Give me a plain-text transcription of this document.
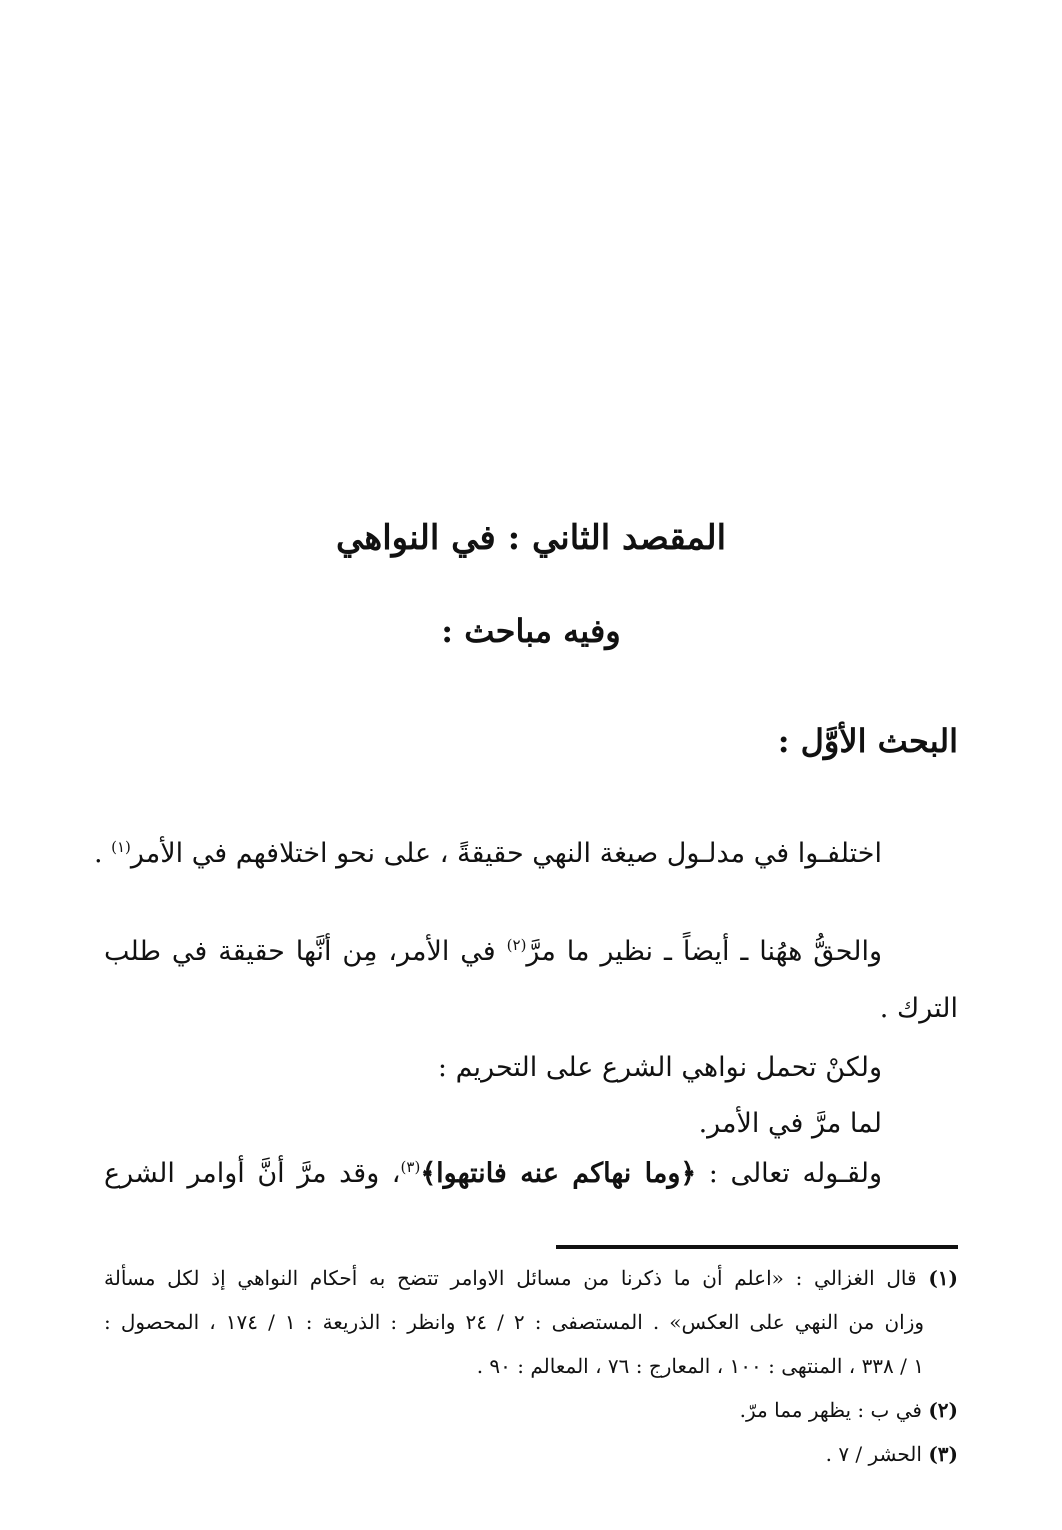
المقصد الثاني : في النواهي
وفيه مباحث :
البحث الأوَّل :
اختلفـوا في مدلـول صيغة النهي حقيقةً ، على نحو اختلافهم في الأمر$^{(١)}$ .
والحقُّ ههُنا ـ أيضاً ـ نظير ما مرَّ$^{(٢)}$ في الأمر، مِن أنَّها حقيقة في طلب
الترك .
ولكنْ تحمل نواهي الشرع على التحريم :
لما مرَّ في الأمر.
ولقـوله تعالى : ﴿وما نهاكم عنه فانتهوا﴾$^{(٣)}$، وقد مرَّ أنَّ أوامر الشرع
(١) قال الغزالي : «اعلم أن ما ذكرنا من مسائل الاوامر تتضح به أحكام النواهي إذ لكل مسألة
وزان من النهي على العكس» . المستصفى : ٢ / ٢٤ وانظر : الذريعة : ١ / ١٧٤ ، المحصول :
١ / ٣٣٨ ، المنتهى : ١٠٠ ، المعارج : ٧٦ ، المعالم : ٩٠ .
(٢) في ب : يظهر مما مرّ.
(٣) الحشر / ٧ .
